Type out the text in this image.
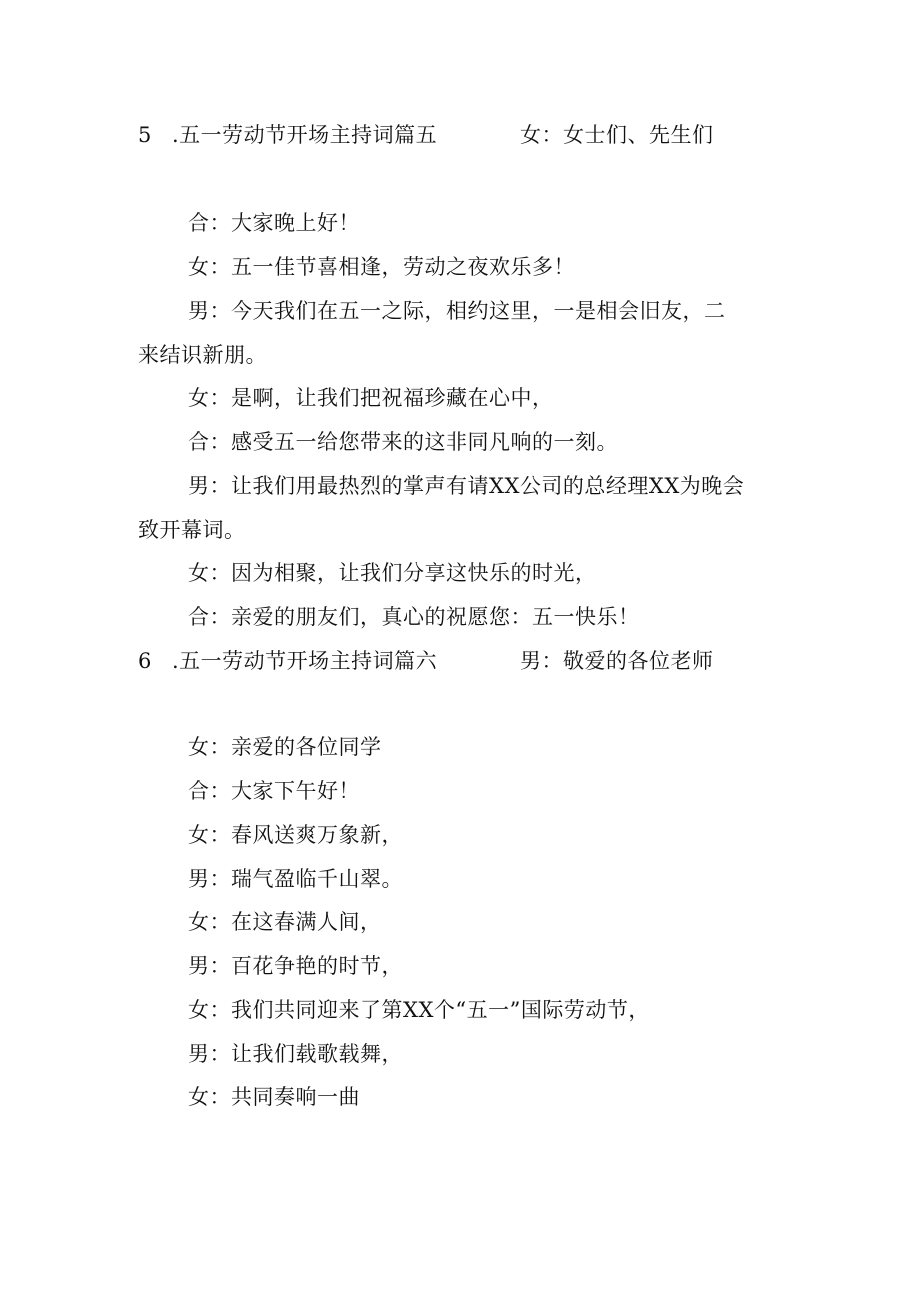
5 .五一劳动节开场主持词篇五	女：女士们、先生们
合：大家晚上好！
女：五一佳节喜相逢，劳动之夜欢乐多！
男：今天我们在五一之际，相约这里，一是相会旧友，二
来结识新朋。
女：是啊，让我们把祝福珍藏在心中，
合：感受五一给您带来的这非同凡响的一刻。
男：让我们用最热烈的掌声有请XX公司的总经理XX为晚会
致开幕词。
女：因为相聚，让我们分享这快乐的时光，
合：亲爱的朋友们，真心的祝愿您：五一快乐！
6 .五一劳动节开场主持词篇六	男：敬爱的各位老师
女：亲爱的各位同学
合：大家下午好！
女：春风送爽万象新，
男：瑞气盈临千山翠。
女：在这春满人间，
男：百花争艳的时节，
女：我们共同迎来了第XX个“五一”国际劳动节，
男：让我们载歌载舞，
女：共同奏响一曲
